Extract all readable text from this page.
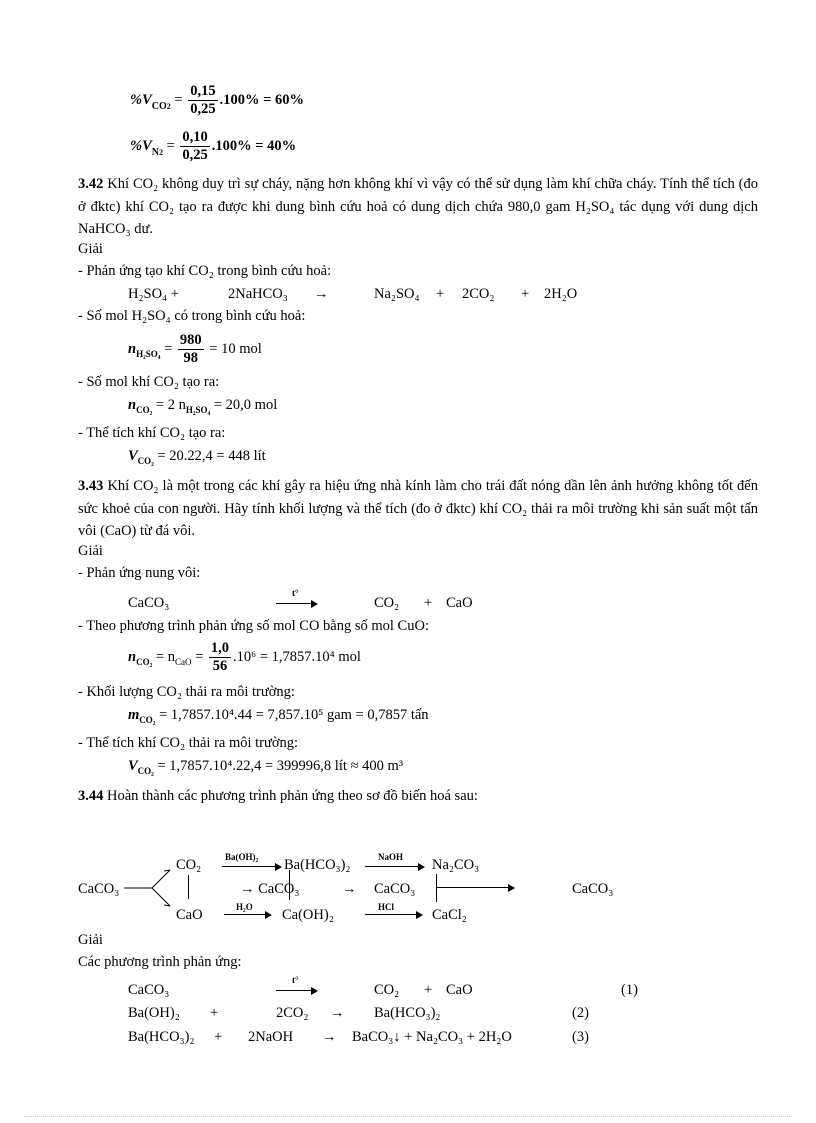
$\%V_{CO2} = \frac{0,15}{0,25} .100\% = 60\%$
$\%V_{N2} = \frac{0,10}{0,25} .100\% = 40\%$
3.42 Khí CO₂ không duy trì sự cháy, nặng hơn không khí vì vậy có thể sử dụng làm khí chữa cháy. Tính thể tích (đo ở đktc) khí CO₂ tạo ra được khi dung bình cứu hoả có dung dịch chứa 980,0 gam H₂SO₄ tác dụng với dung dịch NaHCO₃ dư.
Giải
- Phản ứng tạo khí CO₂ trong bình cứu hoả:
H₂SO₄ +	2NaHCO₃ →	Na₂SO₄ + 2CO₂ + 2H₂O
- Số mol H₂SO₄ có trong bình cứu hoả:
$n_{H_2SO_4} = \frac{980}{98} = 10$ mol
- Số mol khí CO₂ tạo ra:
$n_{CO_2} = 2$ $n_{H_2SO_4} = 20,0$ mol
- Thể tích khí CO₂ tạo ra:
$V_{CO_2} = 20.22,4 = 448$ lít
3.43 Khí CO₂ là một trong các khí gây ra hiệu ứng nhà kính làm cho trái đất nóng dần lên ảnh hưởng không tốt đến sức khoẻ của con người. Hãy tính khối lượng và thể tích (đo ở đktc) khí CO₂ thải ra môi trường khi sản suất một tấn vôi (CaO) từ đá vôi.
Giải
- Phản ứng nung vôi:
CaCO₃
t°
CO₂ + CaO
- Theo phương trình phản ứng số mol CO bằng số mol CuO:
$n_{CO_2} = n_{CaO} = \frac{1,0}{56} .10^6 = 1,7857.10^4$ mol
- Khối lượng CO₂ thải ra môi trường:
$m_{CO_2} = 1,7857.10^4.44 = 7,857.10^5$ gam = 0,7857 tấn
- Thể tích khí CO₂ thải ra môi trường:
$V_{CO_2} = 1,7857.10^4.22,4 = 399996,8$ lít ≈ 400 m³
3.44 Hoàn thành các phương trình phản ứng theo sơ đồ biến hoá sau:
CaCO₃
CO₂	Ba(OH)₂ Ba(HCO₃)₂	NaOH Na₂CO₃
→ CaCO₃	→ CaCO₃	CaCO₃
CaO	H₂O Ca(OH)₂	HCl	CaCl₂
Giải
Các phương trình phản ứng:
CaCO₃
t°
CO₂ + CaO	(1)
Ba(OH)₂ +	2CO₂ → Ba(HCO₃)₂	(2)
Ba(HCO₃)₂ + 2NaOH → BaCO₃↓ + Na₂CO₃ + 2H₂O	(3)
